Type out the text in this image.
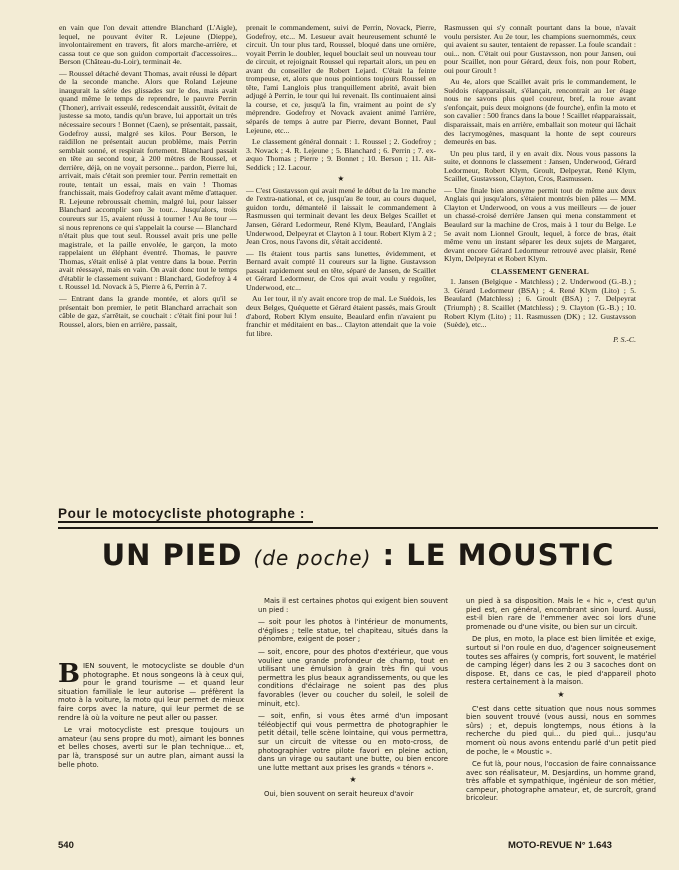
en vain que l'on devait attendre Blanchard (L'Aigle), lequel, ne pouvant éviter R. Lejeune (Dieppe), involontairement en travers, fit alors marche-arrière, et cassa tout ce que son guidon comportait d'accessoires... Berson (Château-du-Loir), terminait 4e.

— Roussel détaché devant Thomas, avait réussi le départ de la seconde manche. Alors que Roland Lejeune inaugurait la série des glissades sur le dos, mais avait quand même le temps de reprendre, le pauvre Perrin (Thoner), arrivait esseulé, redescendait aussitôt, évitait de justesse sa moto, tandis qu'un brave, lui apportait un très nécessaire secours ! Bonnet (Caen), se présentait, passait, Godefroy aussi, malgré ses kilos. Pour Berson, le raidillon ne présentait aucun problème, mais Perrin semblait sonné, et respirait fortement. Blanchard passait en tête au second tour, à 200 mètres de Roussel, et derrière, déjà, on ne voyait personne... pardon, Pierre lui, arrivait, mais c'était son premier tour. Perrin remettait en route, tentait un essai, mais en vain ! Thomas franchissait, mais Godefroy calait avant même d'attaquer. R. Lejeune rebroussait chemin, malgré lui, pour laisser Blanchard accomplir son 3e tour... Jusqu'alors, trois coureurs sur 15, avaient réussi à tourner ! Au 8e tour — si nous reprenons ce qui s'appelait la course — Blanchard n'était plus que tout seul. Roussel avait pris une pelle magistrale, et la paille envolée, le garçon, la moto rappelaient un éléphant éventré. Thomas, le pauvre Thomas, s'était enlisé à plat ventre dans la boue. Perrin avait réessayé, mais en vain. On avait donc tout le temps d'établir le classement suivant : Blanchard, Godefroy à 4 t. Roussel 1d. Novack à 5, Pierre à 6, Perrin à 7.

— Entrant dans la grande montée, et alors qu'il se présentait bon premier, le petit Blanchard arrachait son câble de gaz, s'arrêtait, se couchait : c'était fini pour lui ! Roussel, alors, bien en arrière, passait,

prenait le commandement, suivi de Perrin, Novack, Pierre, Godefroy, etc... M. Lesueur avait heureusement schunté le circuit. Un tour plus tard, Roussel, bloqué dans une ornière, voyait Perrin le doubler, lequel bouclait seul un nouveau tour de circuit, et rejoignait Roussel qui repartait alors, un peu en avant du conseiller de Robert Lejard. C'était la feinte trompeuse, et, alors que nous pointions toujours Roussel en tête, l'ami Langlois plus tranquillement abrité, avait bien adjugé à Perrin, le tour qui lui revenait. Ils continuaient ainsi la course, et ce, jusqu'à la fin, vraiment au point de s'y méprendre. Godefroy et Novack avaient animé l'arrière, séparés de temps à autre par Pierre, devant Bonnet, Paul Lejeune, etc...

Le classement général donnait : 1. Roussel ; 2. Godefroy ; 3. Novack ; 4. R. Lejeune ; 5. Blanchard ; 6. Perrin ; 7. ex-æquo Thomas ; Pierre ; 9. Bonnet ; 10. Berson ; 11. Ait-Seddick ; 12. Lacour.

★

— C'est Gustavsson qui avait mené le début de la 1re manche de l'extra-national, et ce, jusqu'au 8e tour, au cours duquel, guidon tordu, démantelé il laissait le commandement à Rasmussen qui terminait devant les deux Belges Scaillet et Jansen, Gérard Ledormeur, René Klym, Beaulard, l'Anglais Underwood, Delpeyrat et Clayton à 1 tour. Robert Klym à 2 ; Jean Cros, nous l'avons dit, s'était accidenté.

— Ils étaient tous partis sans lunettes, évidemment, et Bernard avait compté 11 coureurs sur la ligne. Gustavsson passait rapidement seul en tête, séparé de Jansen, de Scaillet et Gérard Ledormeur, de Cros qui avait voulu y regoûter, Underwood, etc...

Au 1er tour, il n'y avait encore trop de mal. Le Suédois, les deux Belges, Quéquette et Gérard étaient passés, mais Groult d'abord, Robert Klym ensuite, Beaulard enfin n'avaient pu franchir et méditaient en bas... Clayton attendait que la voie fut libre.

Rasmussen qui s'y connaît pourtant dans la boue, n'avait voulu persister. Au 2e tour, les champions suernommés, ceux qui avaient su sauter, tentaient de repasser. La foule scandait : oui... non. C'était oui pour Gustavsson, non pour Jansen, oui pour Scaillet, non pour Gérard, deux fois, non pour Robert, oui pour Groult !

Au 4e, alors que Scaillet avait pris le commandement, le Suédois réapparaissait, s'élançait, rencontrait au 1er étage nous ne savons plus quel coureur, bref, la roue avant s'enfonçait, puis deux moignons (de fourche), enfin la moto et son cavalier : 500 francs dans la boue ! Scaillet réapparaissait, disparaissait, mais en arrière, emballait son moteur qui lâchait des lacrymogènes, masquant la honte de sept coureurs demeurés en bas.

Un peu plus tard, il y en avait dix. Nous vous passons la suite, et donnons le classement : Jansen, Underwood, Gérard Ledormeur, Robert Klym, Groult, Delpeyrat, René Klym, Scaillet, Gustavsson, Clayton, Cros, Rasmussen.

— Une finale bien anonyme permit tout de même aux deux Anglais qui jusqu'alors, s'étaient montrés bien pâles — MM. Clayton et Underwood, on vous a vus meilleurs — de jouer un chassé-croisé derrière Jansen qui menа constamment et Beaulard sur la machine de Cros, mais à 1 tour du Belge. Le 5e avait nom Lionnel Groult, lequel, à force de bras, était même venu un instant séparer les deux sujets de Margaret, devant encore Gérard Ledormeur retrouvé avec plaisir, René Klym, Delpeyrat et Robert Klym.

CLASSEMENT GENERAL

1. Jansen (Belgique - Matchless) ; 2. Underwood (G.-B.) ; 3. Gérard Ledormeur (BSA) ; 4. René Klym (Lito) ; 5. Beaulard (Matchless) ; 6. Groult (BSA) ; 7. Delpeyrat (Triumph) ; 8. Scaillet (Matchless) ; 9. Clayton (G.-B.) ; 10. Robert Klym (Lito) ; 11. Rasmussen (DK) ; 12. Gustavsson (Suède), etc...

P. S.-C.
Pour le motocycliste photographe :
UN PIED (de poche) : LE MOUSTIC

BIEN souvent, le motocycliste se double d'un photographe. Et nous songeons là à ceux qui, pour le grand tourisme — et quand leur situation familiale le leur autorise — préfèrent la moto à la voiture, la moto qui leur permet de mieux faire corps avec la nature, qui leur permet de se rendre là où la voiture ne peut aller ou passer.

Le vrai motocycliste est presque toujours un amateur (au sens propre du mot), aimant les bonnes et belles choses, averti sur le plan technique... et, par là, transposé sur un autre plan, aimant aussi la belle photo.

Mais il est certaines photos qui exigent bien souvent un pied :

— soit pour les photos à l'intérieur de monuments, d'églises ; telle statue, tel chapiteau, situés dans la pénombre, exigent de poser ;

— soit, encore, pour des photos d'extérieur, que vous vouliez une grande profondeur de champ, tout en utilisant une émulsion à grain très fin qui vous permettra les plus beaux agrandissements, ou que les conditions d'éclairage ne soient pas des plus favorables (lever ou coucher du soleil, le soleil de minuit, etc).

— soit, enfin, si vous êtes armé d'un imposant téléobjectif qui vous permettra de photographier le petit détail, telle scène lointaine, qui vous permettra, sur un circuit de vitesse ou en moto-cross, de photographier votre pilote favori en pleine action, dans un virage ou sautant une butte, ou bien encore une lutte mettant aux prises les grands « ténors ».

★

Oui, bien souvent on serait heureux d'avoir

un pied à sa disposition. Mais le « hic », c'est qu'un pied est, en général, encombrant sinon lourd. Aussi, est-il bien rare de l'emmener avec soi lors d'une promenade ou d'une visite, ou bien sur un circuit.

De plus, en moto, la place est bien limitée et exige, surtout si l'on roule en duo, d'agencer soigneusement toutes ses affaires (y compris, fort souvent, le matériel de camping léger) dans les 2 ou 3 sacoches dont on dispose. Et, dans ce cas, le pied d'appareil photo restera certainement à la maison.

★

C'est dans cette situation que nous nous sommes bien souvent trouvé (vous aussi, nous en sommes sûrs) ; et, depuis longtemps, nous étions à la recherche du pied qui... du pied qui... jusqu'au moment où nous avons entendu parlé d'un petit pied de poche, le « Moustic ».

Ce fut là, pour nous, l'occasion de faire connaissance avec son réalisateur, M. Desjardins, un homme grand, très affable et sympathique, ingénieur de son métier, campeur, photographe amateur, et, de surcroît, grand bricoleur.

540	MOTO-REVUE N° 1.643
